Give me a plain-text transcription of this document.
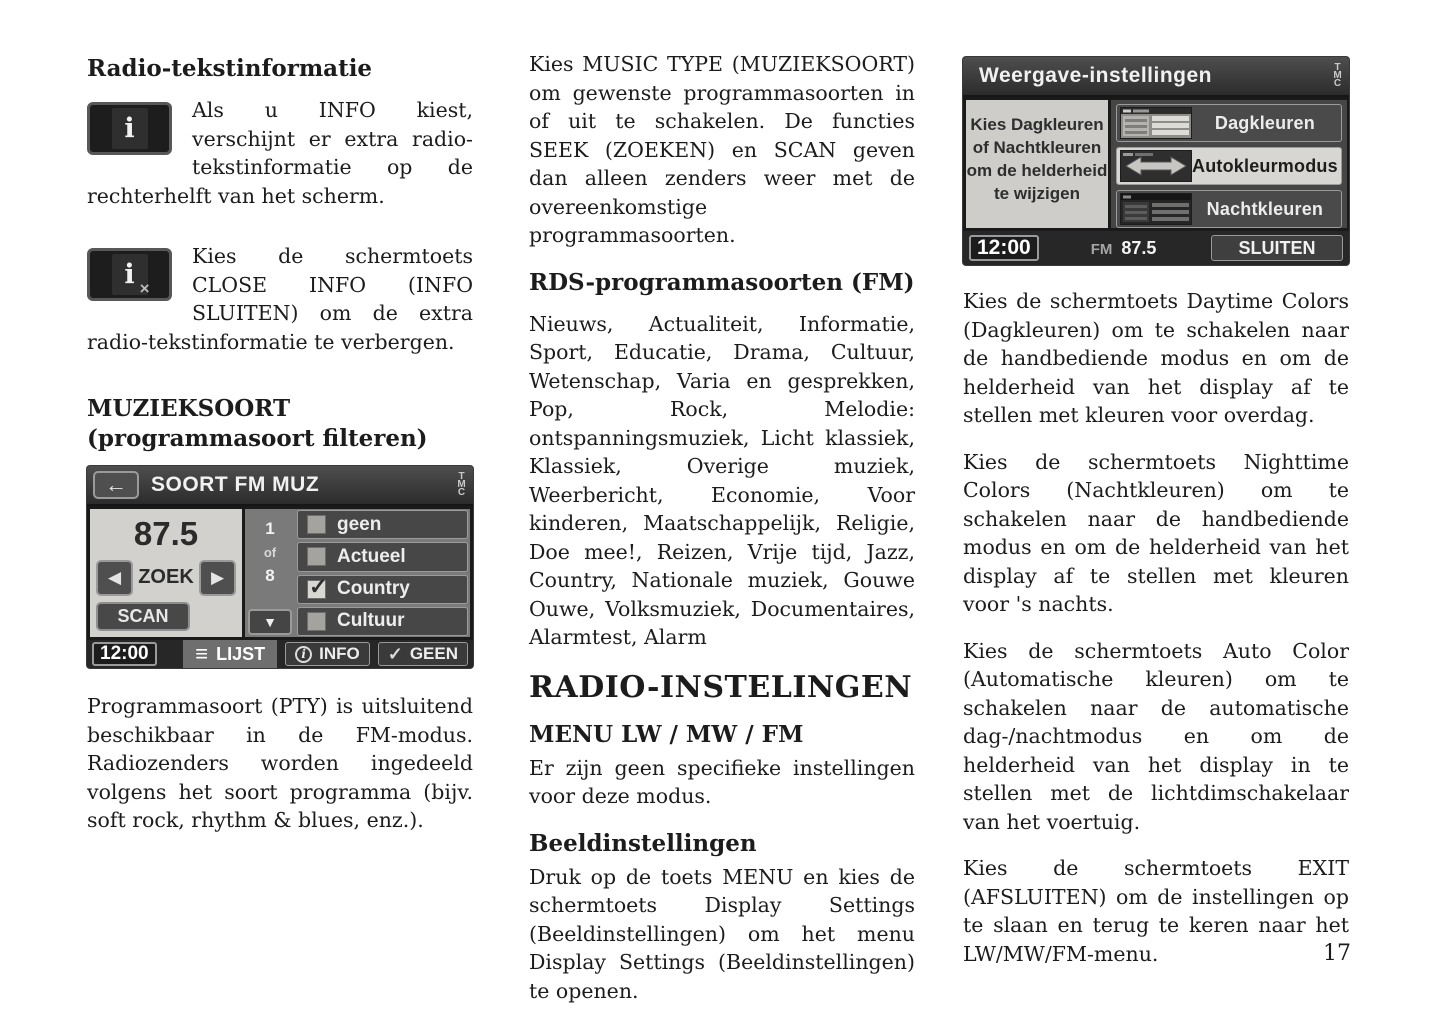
Radio-tekstinformatie
i

Als u INFO kiest, verschijnt er extra radio-tekstinformatie op de rechterhelft van het scherm.

i ×

Kies de schermtoets CLOSE INFO (INFO SLUITEN) om de extra radio-tekstinformatie te verbergen.

MUZIEKSOORT
(programmasoort filteren)
← SOORT FM MUZ	TMC
87.5
◀ ZOEK ▶
SCAN
1
of
8
▼
geen
Actueel
✓ Country
Cultuur
12:00	≡ LIJST	i INFO ✓ GEEN

Programmasoort (PTY) is uitsluitend beschikbaar in de FM-modus. Radiozenders worden ingedeeld volgens het soort programma (bijv. soft rock, rhythm & blues, enz.).

Kies MUSIC TYPE (MUZIEKSOORT) om gewenste programmasoorten in of uit te schakelen. De functies SEEK (ZOEKEN) en SCAN geven dan alleen zenders weer met de overeenkomstige programmasoorten.

RDS-programmasoorten (FM)

Nieuws, Actualiteit, Informatie, Sport, Educatie, Drama, Cultuur, Wetenschap, Varia en gesprekken, Pop, Rock, Melodie: ontspanningsmuziek, Licht klassiek, Klassiek, Overige muziek, Weerbericht, Economie, Voor kinderen, Maatschappelijk, Religie, Doe mee!, Reizen, Vrije tijd, Jazz, Country, Nationale muziek, Gouwe Ouwe, Volksmuziek, Documentaires, Alarmtest, Alarm

RADIO-INSTELINGEN
MENU LW / MW / FM

Er zijn geen specifieke instellingen voor deze modus.

Beeldinstellingen

Druk op de toets MENU en kies de schermtoets Display Settings (Beeldinstellingen) om het menu Display Settings (Beeldinstellingen) te openen.

Weergave-instellingen	TMC
Kies Dagkleuren of Nachtkleuren om de helderheid te wijzigen
Dagkleuren
Autokleurmodus
Nachtkleuren
12:00	FM 87.5	SLUITEN

Kies de schermtoets Daytime Colors (Dagkleuren) om te schakelen naar de handbediende modus en om de helderheid van het display af te stellen met kleuren voor overdag.

Kies de schermtoets Nighttime Colors (Nachtkleuren) om te schakelen naar de handbediende modus en om de helderheid van het display af te stellen met kleuren voor 's nachts.

Kies de schermtoets Auto Color (Automatische kleuren) om te schakelen naar de automatische dag-/nachtmodus en om de helderheid van het display in te stellen met de lichtdimschakelaar van het voertuig.

Kies de schermtoets EXIT (AFSLUITEN) om de instellingen op te slaan en terug te keren naar het LW/MW/FM-menu.	17
